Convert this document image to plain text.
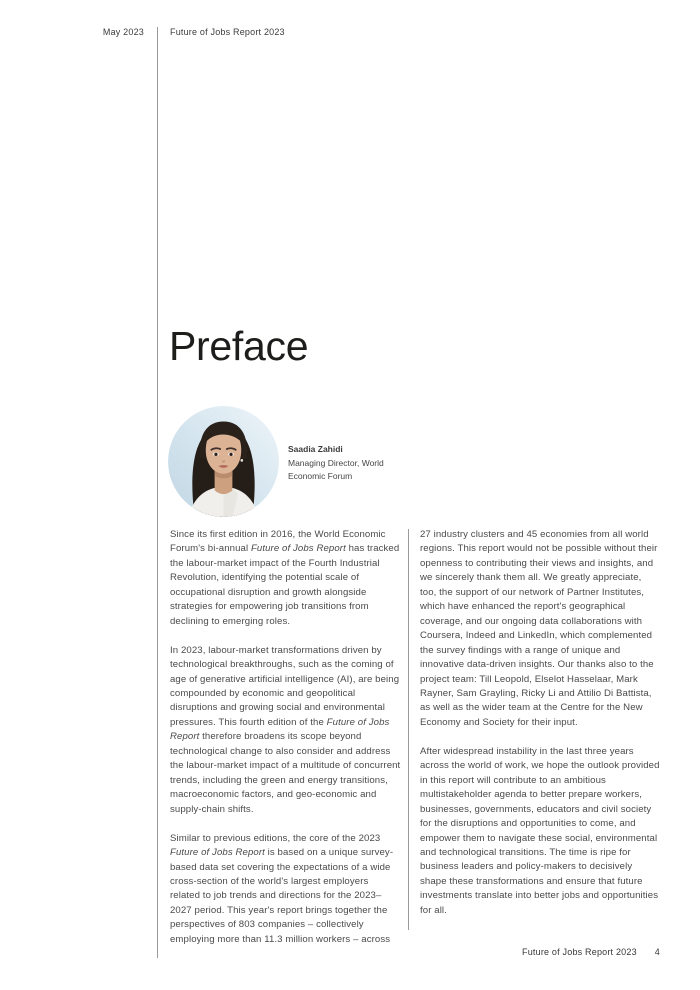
May 2023	Future of Jobs Report 2023
Preface
Saadia Zahidi
Managing Director, World Economic Forum

Since its first edition in 2016, the World Economic Forum's bi-annual Future of Jobs Report has tracked the labour-market impact of the Fourth Industrial Revolution, identifying the potential scale of occupational disruption and growth alongside strategies for empowering job transitions from declining to emerging roles.

In 2023, labour-market transformations driven by technological breakthroughs, such as the coming of age of generative artificial intelligence (AI), are being compounded by economic and geopolitical disruptions and growing social and environmental pressures. This fourth edition of the Future of Jobs Report therefore broadens its scope beyond technological change to also consider and address the labour-market impact of a multitude of concurrent trends, including the green and energy transitions, macroeconomic factors, and geo-economic and supply-chain shifts.

Similar to previous editions, the core of the 2023 Future of Jobs Report is based on a unique survey-based data set covering the expectations of a wide cross-section of the world's largest employers related to job trends and directions for the 2023–2027 period. This year's report brings together the perspectives of 803 companies – collectively employing more than 11.3 million workers – across

27 industry clusters and 45 economies from all world regions. This report would not be possible without their openness to contributing their views and insights, and we sincerely thank them all. We greatly appreciate, too, the support of our network of Partner Institutes, which have enhanced the report's geographical coverage, and our ongoing data collaborations with Coursera, Indeed and LinkedIn, which complemented the survey findings with a range of unique and innovative data-driven insights. Our thanks also to the project team: Till Leopold, Elselot Hasselaar, Mark Rayner, Sam Grayling, Ricky Li and Attilio Di Battista, as well as the wider team at the Centre for the New Economy and Society for their input.

After widespread instability in the last three years across the world of work, we hope the outlook provided in this report will contribute to an ambitious multistakeholder agenda to better prepare workers, businesses, governments, educators and civil society for the disruptions and opportunities to come, and empower them to navigate these social, environmental and technological transitions. The time is ripe for business leaders and policy-makers to decisively shape these transformations and ensure that future investments translate into better jobs and opportunities for all.

Future of Jobs Report 2023 4
